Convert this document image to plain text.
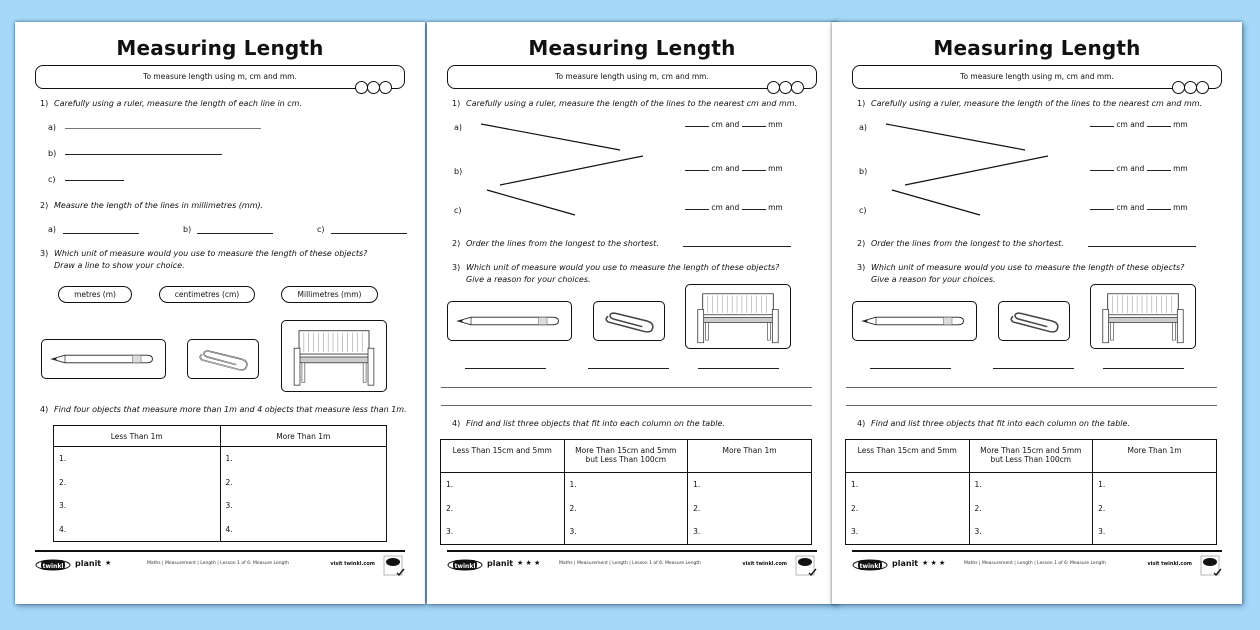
Measuring Length
To measure length using m, cm and mm.
1) Carefully using a ruler, measure the length of each line in cm.
a)
b)
c)
2) Measure the length of the lines in millimetres (mm).
a)	b)	c)
3) Which unit of measure would you use to measure the length of these objects?
Draw a line to show your choice.
metres (m)	centimetres (cm)	Millimetres (mm)
4) Find four objects that measure more than 1m and 4 objects that measure less than 1m.
Less Than 1m	More Than 1m

1.
2.
3.
4.

1.
2.
3.
4.
twinkl planit ★	Maths | Measurement | Length | Lesson 1 of 6: Measure Length	visit twinkl.com
Measuring Length
To measure length using m, cm and mm.
1) Carefully using a ruler, measure the length of the lines to the nearest cm and mm.
a)
b)
c)
cm and	mm
cm and	mm
cm and	mm
2) Order the lines from the longest to the shortest.
3) Which unit of measure would you use to measure the length of these objects?
Give a reason for your choices.
4) Find and list three objects that fit into each column on the table.
Less Than 15cm and 5mm	More Than 15cm and 5mm but Less Than 100cm	More Than 1m

1.
2.
3.

1.
2.
3.

1.
2.
3.
twinkl planit ★ ★ ★	Maths | Measurement | Length | Lesson 1 of 6: Measure Length	visit twinkl.com
Measuring Length
To measure length using m, cm and mm.
1) Carefully using a ruler, measure the length of the lines to the nearest cm and mm.
a)
b)
c)
cm and	mm
cm and	mm
cm and	mm
2) Order the lines from the longest to the shortest.
3) Which unit of measure would you use to measure the length of these objects?
Give a reason for your choices.
4) Find and list three objects that fit into each column on the table.
Less Than 15cm and 5mm	More Than 15cm and 5mm but Less Than 100cm	More Than 1m

1.
2.
3.

1.
2.
3.

1.
2.
3.
twinkl planit ★ ★ ★	Maths | Measurement | Length | Lesson 1 of 6: Measure Length	visit twinkl.com
